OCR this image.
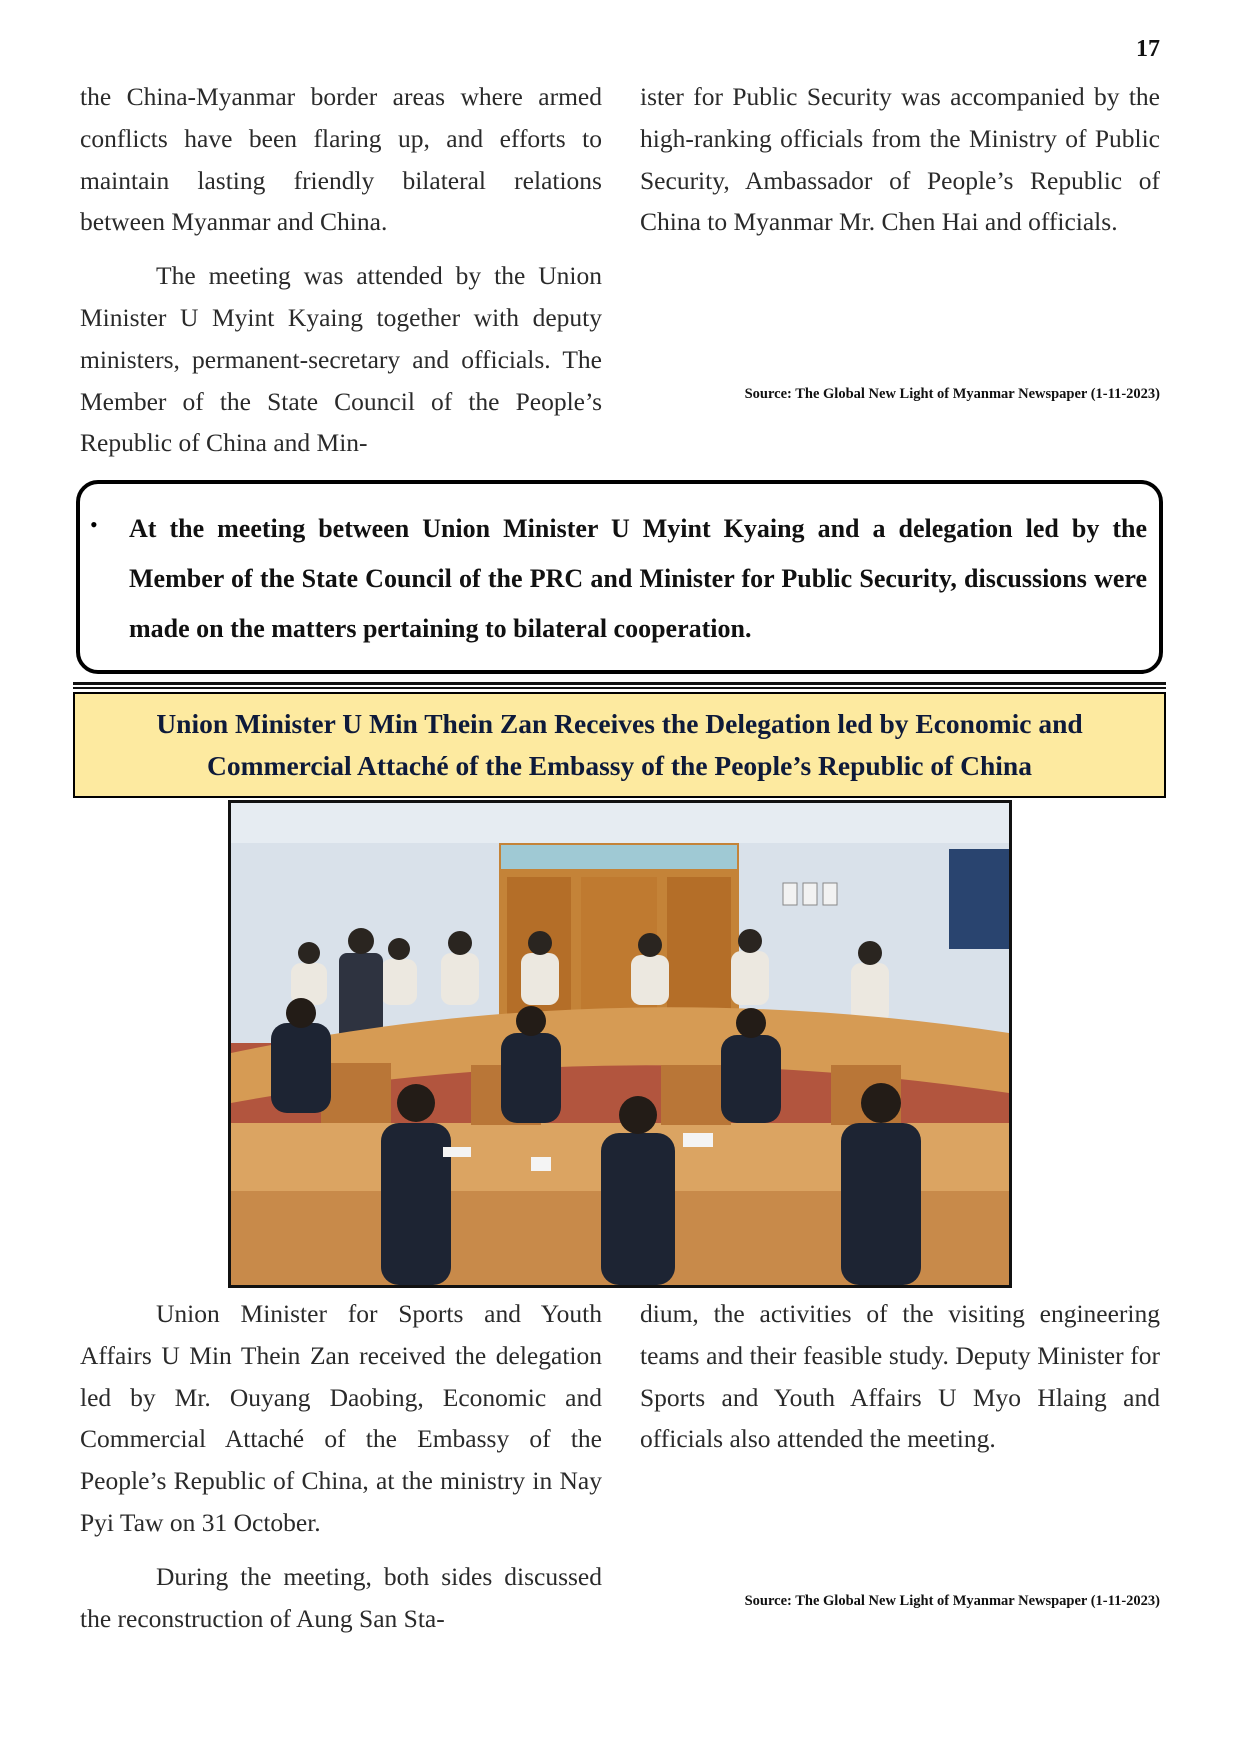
17

the China-Myanmar border areas where armed conflicts have been flaring up, and efforts to maintain lasting friendly bilateral relations between Myanmar and China.

The meeting was attended by the Union Minister U Myint Kyaing together with deputy ministers, permanent-secretary and officials. The Member of the State Council of the People’s Republic of China and Min-

ister for Public Security was accompanied by the high-ranking officials from the Ministry of Public Security, Ambassador of People’s Republic of China to Myanmar Mr. Chen Hai and officials.

Source: The Global New Light of Myanmar Newspaper (1-11-2023)
• At the meeting between Union Minister U Myint Kyaing and a delegation led by the Member of the State Council of the PRC and Minister for Public Security, discussions were made on the matters pertaining to bilateral cooperation.
Union Minister U Min Thein Zan Receives the Delegation led by Economic and
Commercial Attaché of the Embassy of the People’s Republic of China

Union Minister for Sports and Youth Affairs U Min Thein Zan received the delegation led by Mr. Ouyang Daobing, Economic and Commercial Attaché of the Embassy of the People’s Republic of China, at the ministry in Nay Pyi Taw on 31 October.

During the meeting, both sides discussed the reconstruction of Aung San Sta-

dium, the activities of the visiting engineering teams and their feasible study. Deputy Minister for Sports and Youth Affairs U Myo Hlaing and officials also attended the meeting.

Source: The Global New Light of Myanmar Newspaper (1-11-2023)
